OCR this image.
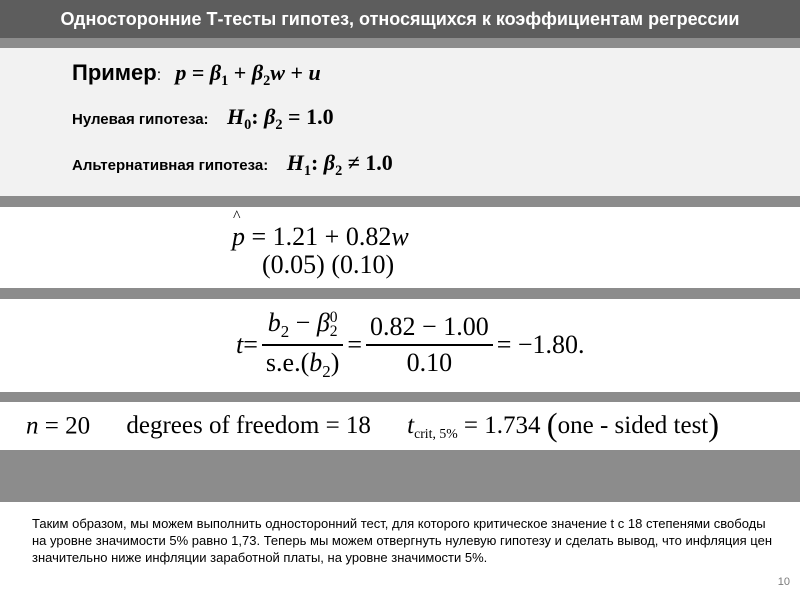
Односторонние Т-тесты гипотез, относящихся к коэффициентам регрессии
Пример: $p = \beta_1 + \beta_2w + u$
Нулевая гипотеза: $H_0$: $\beta_2 = 1.0$
Альтернативная гипотеза: $H_1$: $\beta_2 \ne 1.0$
^
p = 1.21 + 0.82w
(0.05) (0.10)
$t = b_2 - \beta$ 0
2
$s.e.(b_2) = \frac{0.82 - 1.00}{0.10} = -1.80$.
n = 20 degrees of freedom = 18 $t_{crit, 5\%} = 1.734$ (one - sided test)
Таким образом, мы можем выполнить односторонний тест, для которого критическое значение t с 18 степенями свободы на уровне значимости 5% равно 1,73. Теперь мы можем отвергнуть нулевую гипотезу и сделать вывод, что инфляция цен значительно ниже инфляции заработной платы, на уровне значимости 5%.
10
